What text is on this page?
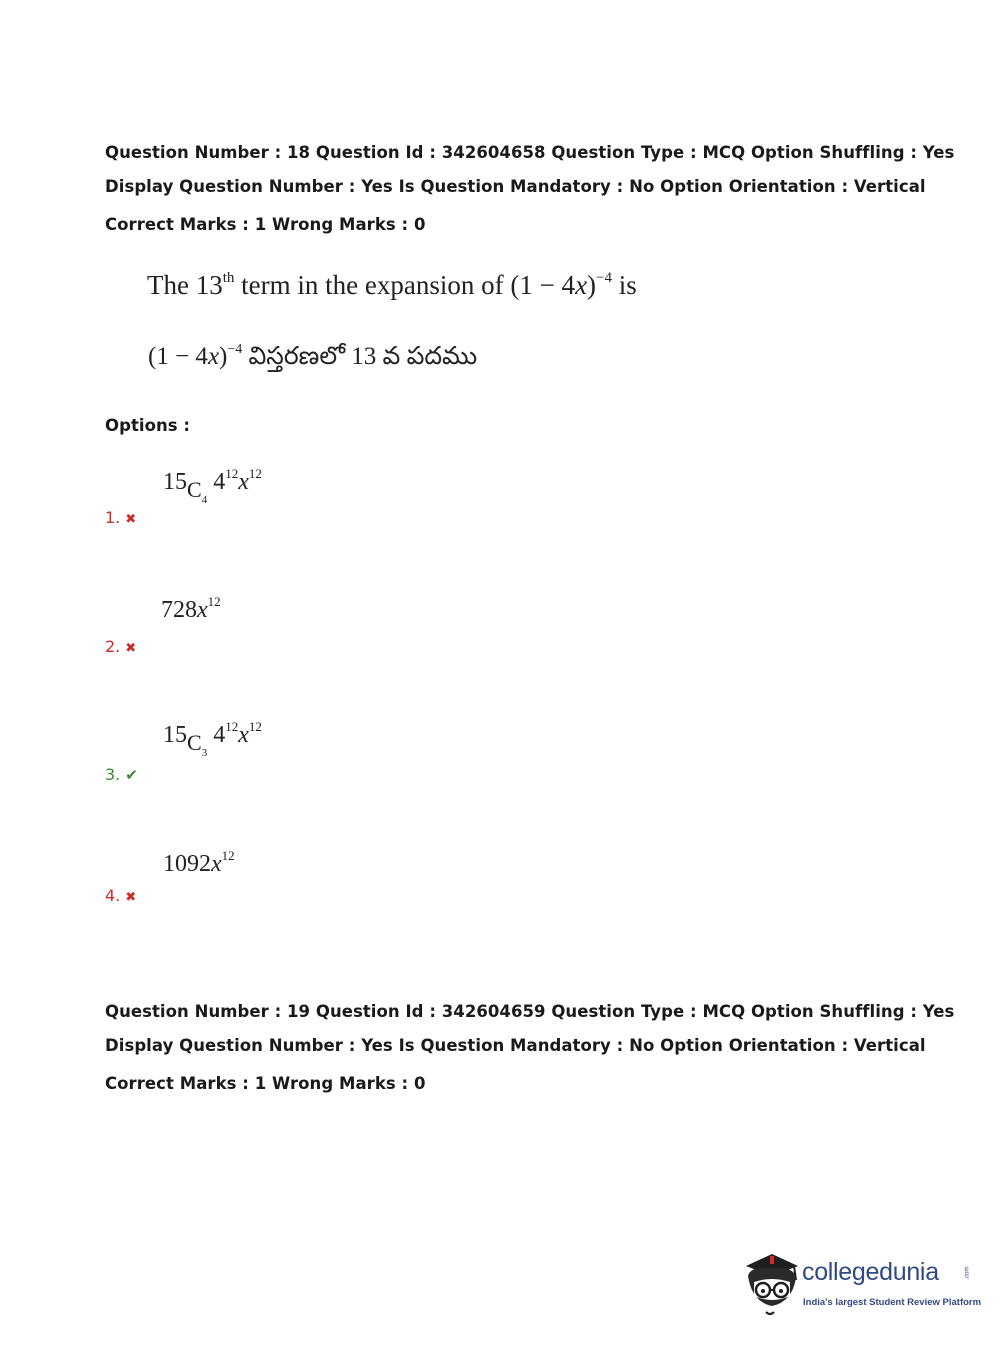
Question Number : 18 Question Id : 342604658 Question Type : MCQ Option Shuffling : Yes
Display Question Number : Yes Is Question Mandatory : No Option Orientation : Vertical
Correct Marks : 1 Wrong Marks : 0
The 13th term in the expansion of $(1 - 4x)^{-4}$ is
$(1 - 4x)^{-4}$ విస్తరణలో 13 వ పదము
Options :
$15C_4$ $4^{12}x^{12}$
1. ✖
$728x^{12}$
2. ✖
$15C_3$ $4^{12}x^{12}$
3. ✔
$1092x^{12}$
4. ✖
Question Number : 19 Question Id : 342604659 Question Type : MCQ Option Shuffling : Yes
Display Question Number : Yes Is Question Mandatory : No Option Orientation : Vertical
Correct Marks : 1 Wrong Marks : 0
collegedunia	.com
India's largest Student Review Platform
